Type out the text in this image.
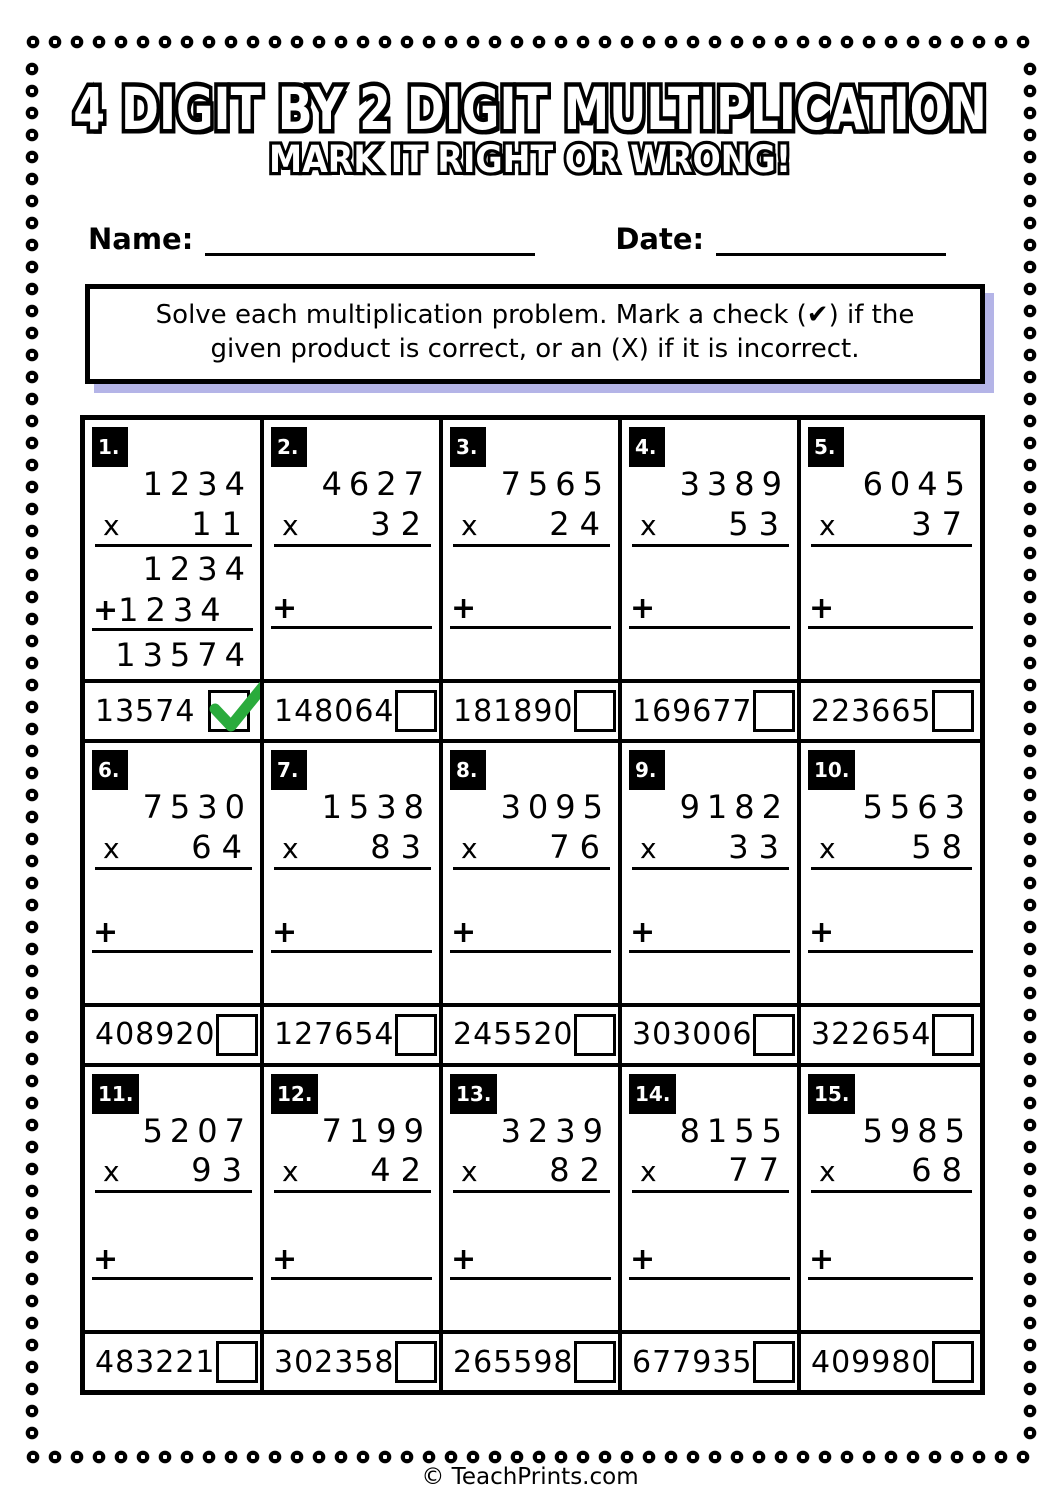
4 DIGIT BY 2 DIGIT MULTIPLICATION
MARK IT RIGHT OR WRONG!
Name:	Date:
Solve each multiplication problem. Mark a check (✔) if the given product is correct, or an (X) if it is incorrect.
1.
1234
x 11
1234
+ 1234
13574
13574
2.
4627
x 32
+
148064
3.
7565
x 24
+
181890
4.
3389
x 53
+
169677
5.
6045
x 37
+
223665
6.
7530
x 64
+
408920
7.
1538
x 83
+
127654
8.
3095
x 76
+
245520
9.
9182
x 33
+
303006
10.
5563
x 58
+
322654
11.
5207
x 93
+
483221
12.
7199
x 42
+
302358
13.
3239
x 82
+
265598
14.
8155
x 77
+
677935
15.
5985
x 68
+
409980
© TeachPrints.com
